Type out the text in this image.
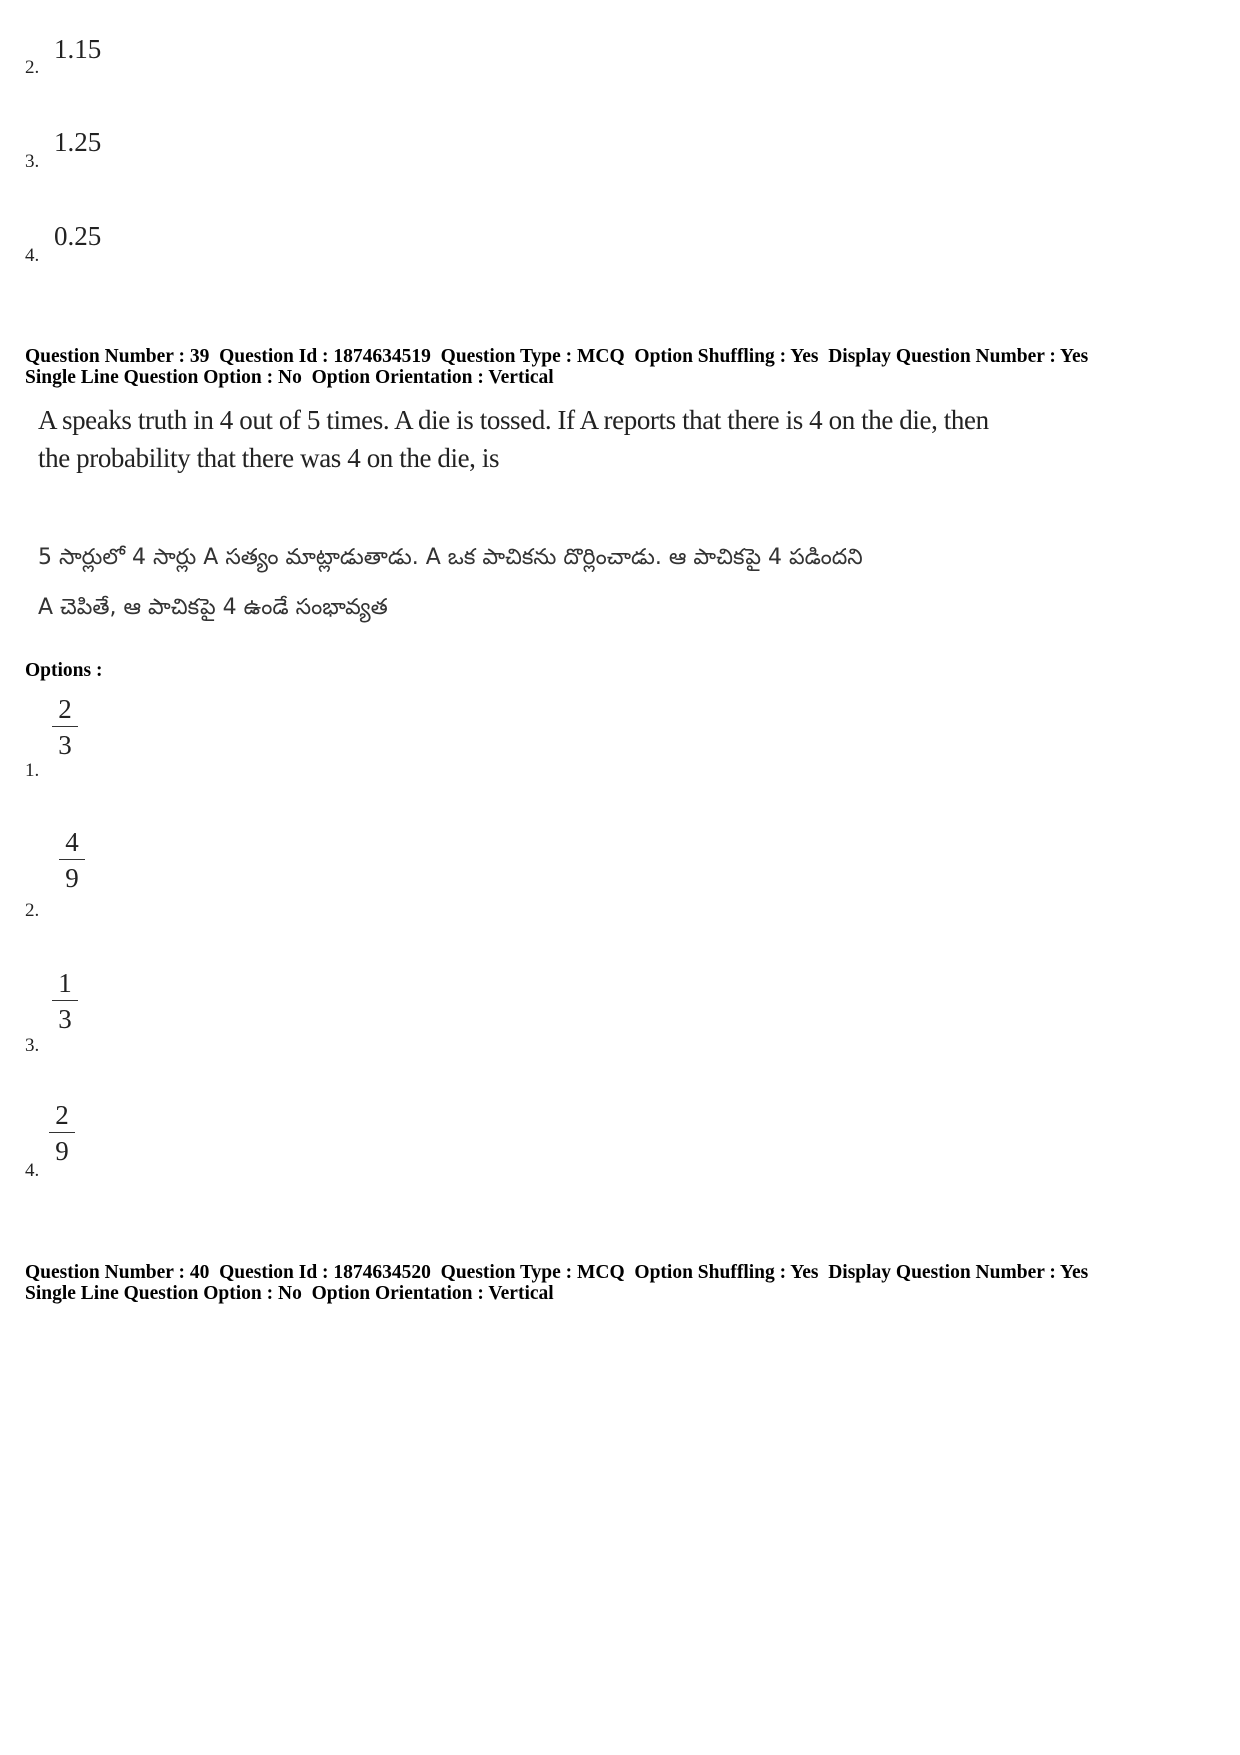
2.
1.15
3.
1.25
4.
0.25
Question Number : 39  Question Id : 1874634519  Question Type : MCQ  Option Shuffling : Yes  Display Question Number : Yes
Single Line Question Option : No  Option Orientation : Vertical
A speaks truth in 4 out of 5 times. A die is tossed. If A reports that there is 4 on the die, then
the probability that there was 4 on the die, is
5 సార్లులో 4 సార్లు A సత్యం మాట్లాడుతాడు. A ఒక పాచికను దొర్లించాడు. ఆ పాచికపై 4 పడిందని
A చెపితే, ఆ పాచికపై 4 ఉండే సంభావ్యత
Options :
1.
2
3
2.
4
9
3.
1
3
4.
2
9
Question Number : 40  Question Id : 1874634520  Question Type : MCQ  Option Shuffling : Yes  Display Question Number : Yes
Single Line Question Option : No  Option Orientation : Vertical
